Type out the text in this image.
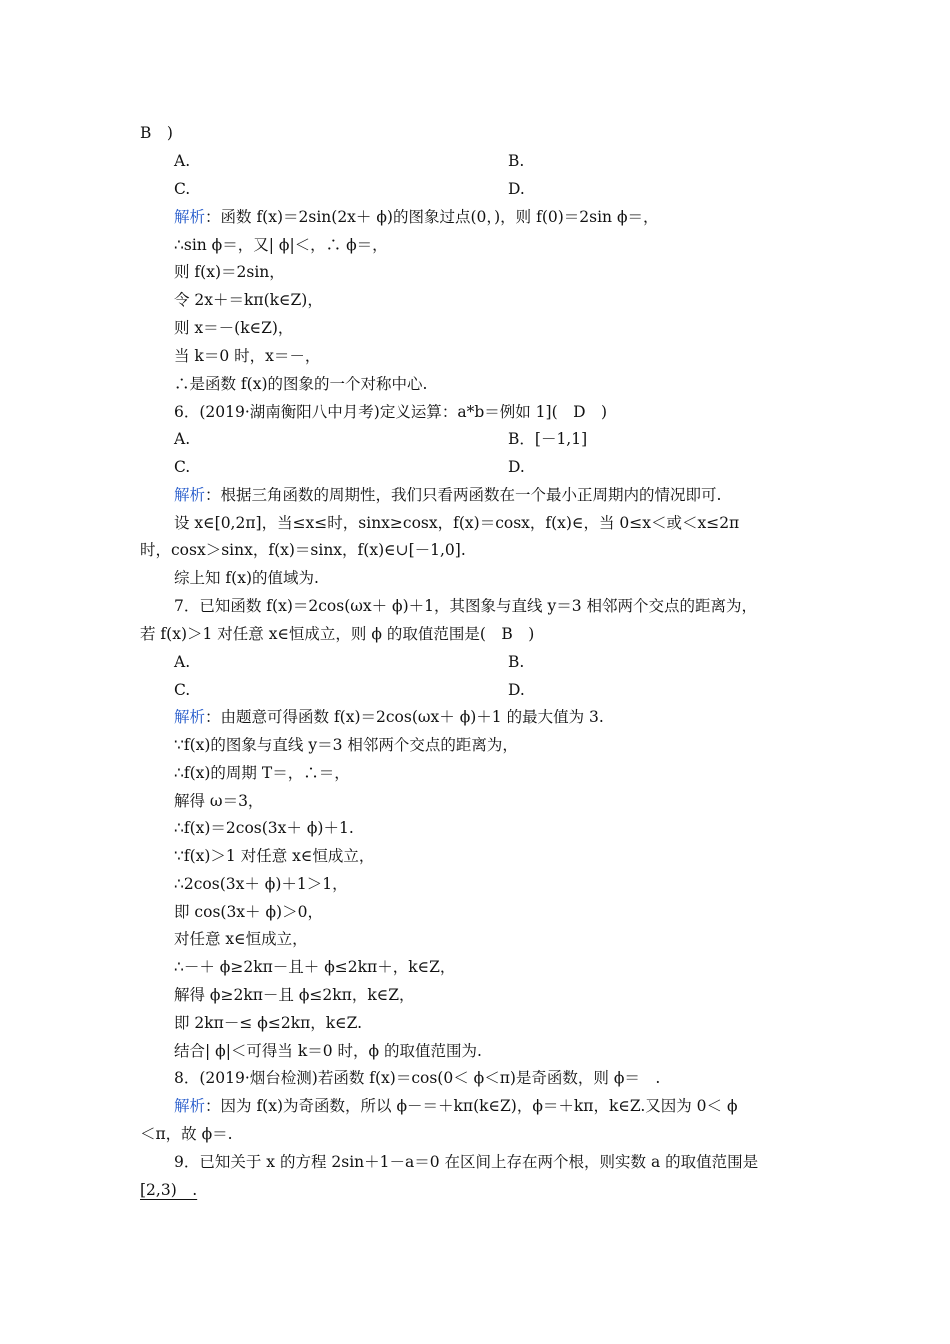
B　)
A.	B.
C.	D.
解析：函数 f(x)＝2sin(2x＋ ϕ)的图象过点(0，)，则 f(0)＝2sin ϕ＝，
∴sin ϕ＝，又| ϕ|＜，∴ ϕ＝，
则 f(x)＝2sin，
令 2x＋＝kπ(k∈Z)，
则 x＝－(k∈Z)，
当 k＝0 时，x＝－，
∴是函数 f(x)的图象的一个对称中心.
6．(2019·湖南衡阳八中月考)定义运算：a*b＝例如 1](　D　)
A.	B．[－1,1]
C.	D.
解析：根据三角函数的周期性，我们只看两函数在一个最小正周期内的情况即可.
设 x∈[0,2π]，当≤x≤时，sinx≥cosx，f(x)＝cosx，f(x)∈，当 0≤x＜或＜x≤2π
时，cosx＞sinx，f(x)＝sinx，f(x)∈∪[－1,0].
综上知 f(x)的值域为.
7．已知函数 f(x)＝2cos(ωx＋ ϕ)＋1，其图象与直线 y＝3 相邻两个交点的距离为，
若 f(x)＞1 对任意 x∈恒成立，则 ϕ 的取值范围是(　B　)
A.	B.
C.	D.
解析：由题意可得函数 f(x)＝2cos(ωx＋ ϕ)＋1 的最大值为 3.
∵f(x)的图象与直线 y＝3 相邻两个交点的距离为，
∴f(x)的周期 T＝，∴＝，
解得 ω＝3，
∴f(x)＝2cos(3x＋ ϕ)＋1.
∵f(x)＞1 对任意 x∈恒成立，
∴2cos(3x＋ ϕ)＋1＞1，
即 cos(3x＋ ϕ)＞0，
对任意 x∈恒成立，
∴－＋ ϕ≥2kπ－且＋ ϕ≤2kπ＋，k∈Z，
解得 ϕ≥2kπ－且 ϕ≤2kπ，k∈Z，
即 2kπ－≤ ϕ≤2kπ，k∈Z.
结合| ϕ|＜可得当 k＝0 时，ϕ 的取值范围为.
8．(2019·烟台检测)若函数 f(x)＝cos(0＜ ϕ＜π)是奇函数，则 ϕ＝　.
解析：因为 f(x)为奇函数，所以 ϕ－＝＋kπ(k∈Z)，ϕ＝＋kπ，k∈Z.又因为 0＜ ϕ
＜π，故 ϕ＝.
9．已知关于 x 的方程 2sin＋1－a＝0 在区间上存在两个根，则实数 a 的取值范围是
[2,3)　.
